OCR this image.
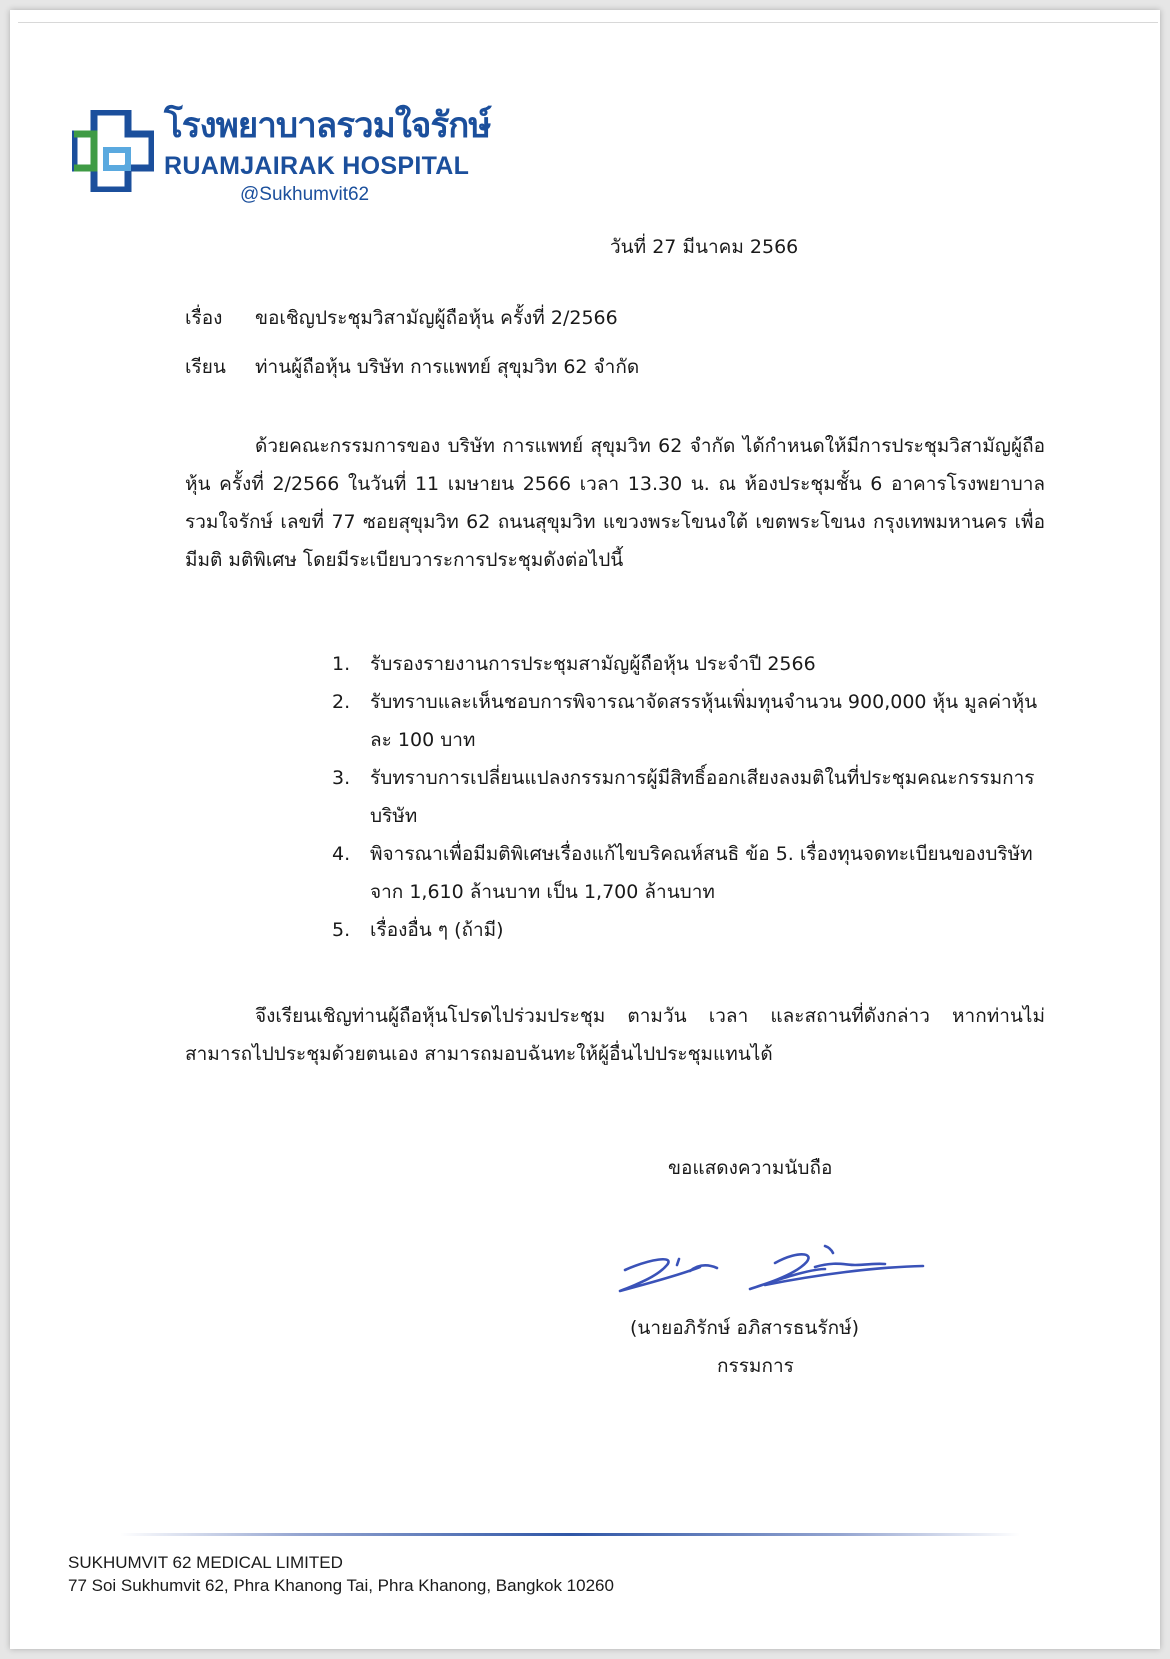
โรงพยาบาลรวมใจรักษ์
RUAMJAIRAK HOSPITAL
@Sukhumvit62
วันที่ 27 มีนาคม 2566
เรื่อง ขอเชิญประชุมวิสามัญผู้ถือหุ้น ครั้งที่ 2/2566
เรียน ท่านผู้ถือหุ้น บริษัท การแพทย์ สุขุมวิท 62 จำกัด

ด้วยคณะกรรมการของ บริษัท การแพทย์ สุขุมวิท 62 จำกัด ได้กำหนดให้มีการประชุมวิสามัญผู้ถือหุ้น ครั้งที่ 2/2566 ในวันที่ 11 เมษายน 2566 เวลา 13.30 น. ณ ห้องประชุมชั้น 6 อาคารโรงพยาบาลรวมใจรักษ์ เลขที่ 77 ซอยสุขุมวิท 62 ถนนสุขุมวิท แขวงพระโขนงใต้ เขตพระโขนง กรุงเทพมหานคร เพื่อมีมติ มติพิเศษ โดยมีระเบียบวาระการประชุมดังต่อไปนี้

1. รับรองรายงานการประชุมสามัญผู้ถือหุ้น ประจำปี 2566
2. รับทราบและเห็นชอบการพิจารณาจัดสรรหุ้นเพิ่มทุนจำนวน 900,000 หุ้น มูลค่าหุ้นละ 100 บาท
3. รับทราบการเปลี่ยนแปลงกรรมการผู้มีสิทธิ์ออกเสียงลงมติในที่ประชุมคณะกรรมการบริษัท
4. พิจารณาเพื่อมีมติพิเศษเรื่องแก้ไขบริคณห์สนธิ ข้อ 5. เรื่องทุนจดทะเบียนของบริษัท จาก 1,610 ล้านบาท เป็น 1,700 ล้านบาท
5. เรื่องอื่น ๆ (ถ้ามี)

จึงเรียนเชิญท่านผู้ถือหุ้นโปรดไปร่วมประชุม ตามวัน เวลา และสถานที่ดังกล่าว หากท่านไม่สามารถไปประชุมด้วยตนเอง สามารถมอบฉันทะให้ผู้อื่นไปประชุมแทนได้

ขอแสดงความนับถือ
(นายอภิรักษ์ อภิสารธนรักษ์)
กรรมการ
SUKHUMVIT 62 MEDICAL LIMITED
77 Soi Sukhumvit 62, Phra Khanong Tai, Phra Khanong, Bangkok 10260
